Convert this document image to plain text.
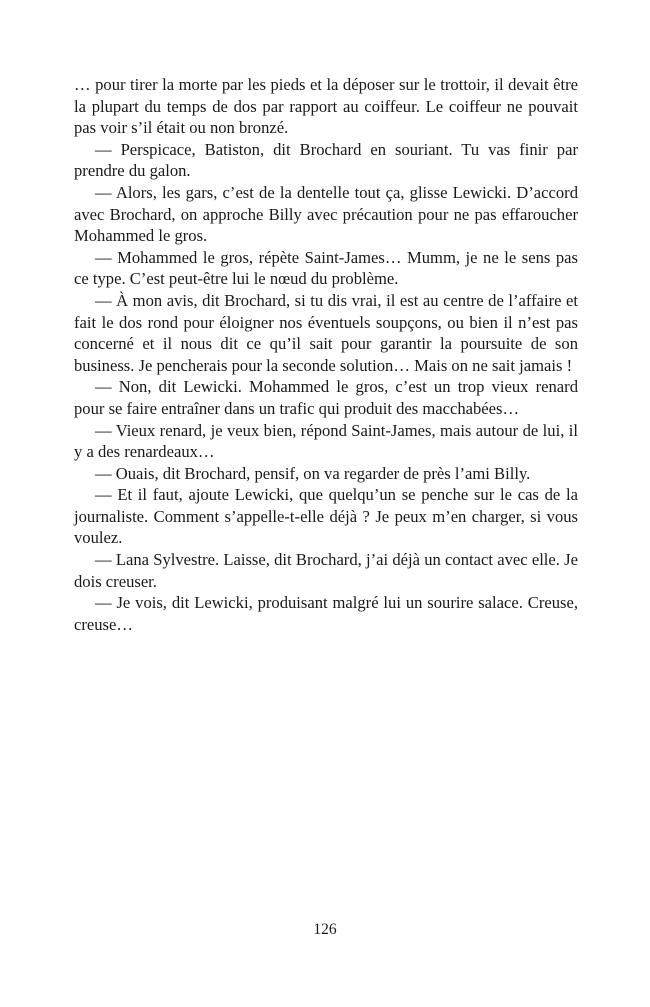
… pour tirer la morte par les pieds et la déposer sur le trottoir, il devait être la plupart du temps de dos par rapport au coiffeur. Le coiffeur ne pouvait pas voir s’il était ou non bronzé.

— Perspicace, Batiston, dit Brochard en souriant. Tu vas finir par prendre du galon.

— Alors, les gars, c’est de la dentelle tout ça, glisse Lewicki. D’accord avec Brochard, on approche Billy avec précaution pour ne pas effaroucher Mohammed le gros.

— Mohammed le gros, répète Saint-James… Mumm, je ne le sens pas ce type. C’est peut-être lui le nœud du problème.

— À mon avis, dit Brochard, si tu dis vrai, il est au centre de l’affaire et fait le dos rond pour éloigner nos éventuels soupçons, ou bien il n’est pas concerné et il nous dit ce qu’il sait pour garantir la poursuite de son business. Je pencherais pour la seconde solution… Mais on ne sait jamais !

— Non, dit Lewicki. Mohammed le gros, c’est un trop vieux renard pour se faire entraîner dans un trafic qui produit des macchabées…

— Vieux renard, je veux bien, répond Saint-James, mais autour de lui, il y a des renardeaux…

— Ouais, dit Brochard, pensif, on va regarder de près l’ami Billy.

— Et il faut, ajoute Lewicki, que quelqu’un se penche sur le cas de la journaliste. Comment s’appelle-t-elle déjà ? Je peux m’en charger, si vous voulez.

— Lana Sylvestre. Laisse, dit Brochard, j’ai déjà un contact avec elle. Je dois creuser.

— Je vois, dit Lewicki, produisant malgré lui un sourire salace. Creuse, creuse…

126
